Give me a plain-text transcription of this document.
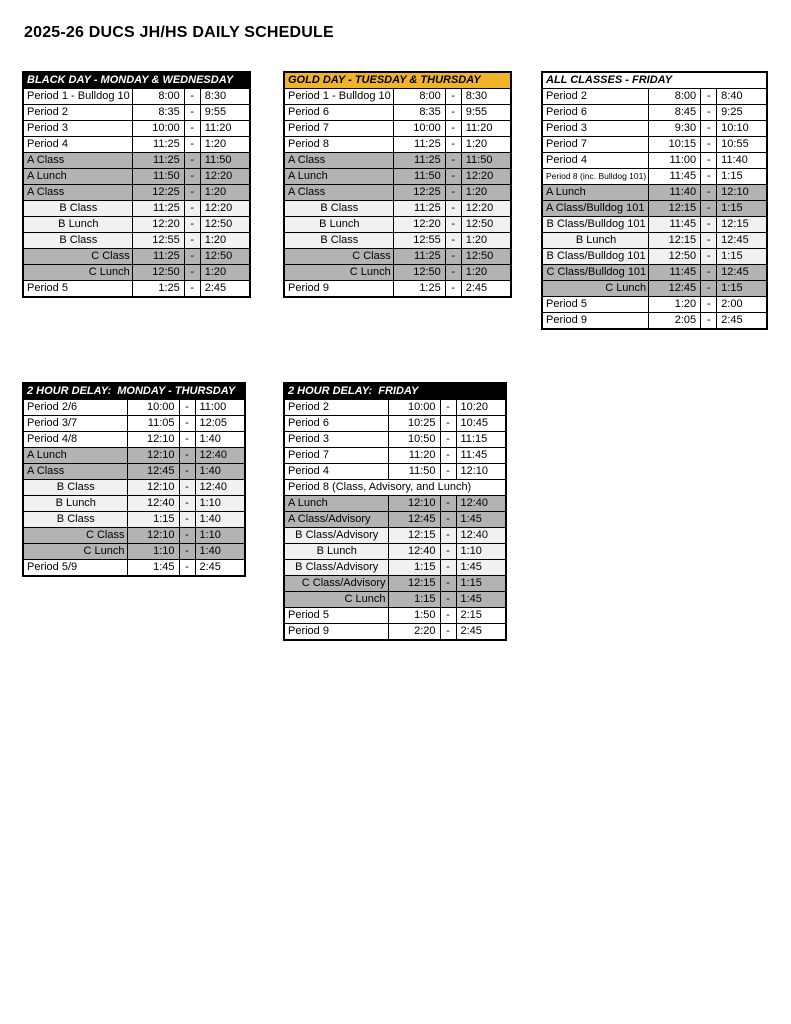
2025-26 DUCS JH/HS DAILY SCHEDULE
BLACK DAY - MONDAY & WEDNESDAY			
Period 1 - Bulldog 10	8:00	-	8:30
Period 2	8:35	-	9:55
Period 3	10:00	-	11:20
Period 4	11:25	-	1:20
A Class	11:25	-	11:50
A Lunch	11:50	-	12:20
A Class	12:25	-	1:20
B Class	11:25	-	12:20
B Lunch	12:20	-	12:50
B Class	12:55	-	1:20
C Class	11:25	-	12:50
C Lunch	12:50	-	1:20
Period 5	1:25	-	2:45
GOLD DAY - TUESDAY & THURSDAY			
Period 1 - Bulldog 10	8:00	-	8:30
Period 6	8:35	-	9:55
Period 7	10:00	-	11:20
Period 8	11:25	-	1:20
A Class	11:25	-	11:50
A Lunch	11:50	-	12:20
A Class	12:25	-	1:20
B Class	11:25	-	12:20
B Lunch	12:20	-	12:50
B Class	12:55	-	1:20
C Class	11:25	-	12:50
C Lunch	12:50	-	1:20
Period 9	1:25	-	2:45
ALL CLASSES - FRIDAY			
Period 2	8:00	-	8:40
Period 6	8:45	-	9:25
Period 3	9:30	-	10:10
Period 7	10:15	-	10:55
Period 4	11:00	-	11:40
Period 8 (inc. Bulldog 101)	11:45	-	1:15
A Lunch	11:40	-	12:10
A Class/Bulldog 101	12:15	-	1:15
B Class/Bulldog 101	11:45	-	12:15
B Lunch	12:15	-	12:45
B Class/Bulldog 101	12:50	-	1:15
C Class/Bulldog 101	11:45	-	12:45
C Lunch	12:45	-	1:15
Period 5	1:20	-	2:00
Period 9	2:05	-	2:45
2 HOUR DELAY:  MONDAY - THURSDAY			
Period 2/6	10:00	-	11:00
Period 3/7	11:05	-	12:05
Period 4/8	12:10	-	1:40
A Lunch	12:10	-	12:40
A Class	12:45	-	1:40
B Class	12:10	-	12:40
B Lunch	12:40	-	1:10
B Class	1:15	-	1:40
C Class	12:10	-	1:10
C Lunch	1:10	-	1:40
Period 5/9	1:45	-	2:45
2 HOUR DELAY:  FRIDAY			
Period 2	10:00	-	10:20
Period 6	10:25	-	10:45
Period 3	10:50	-	11:15
Period 7	11:20	-	11:45
Period 4	11:50	-	12:10
Period 8 (Class, Advisory, and Lunch)			
A Lunch	12:10	-	12:40
A Class/Advisory	12:45	-	1:45
B Class/Advisory	12:15	-	12:40
B Lunch	12:40	-	1:10
B Class/Advisory	1:15	-	1:45
C Class/Advisory	12:15	-	1:15
C Lunch	1:15	-	1:45
Period 5	1:50	-	2:15
Period 9	2:20	-	2:45
